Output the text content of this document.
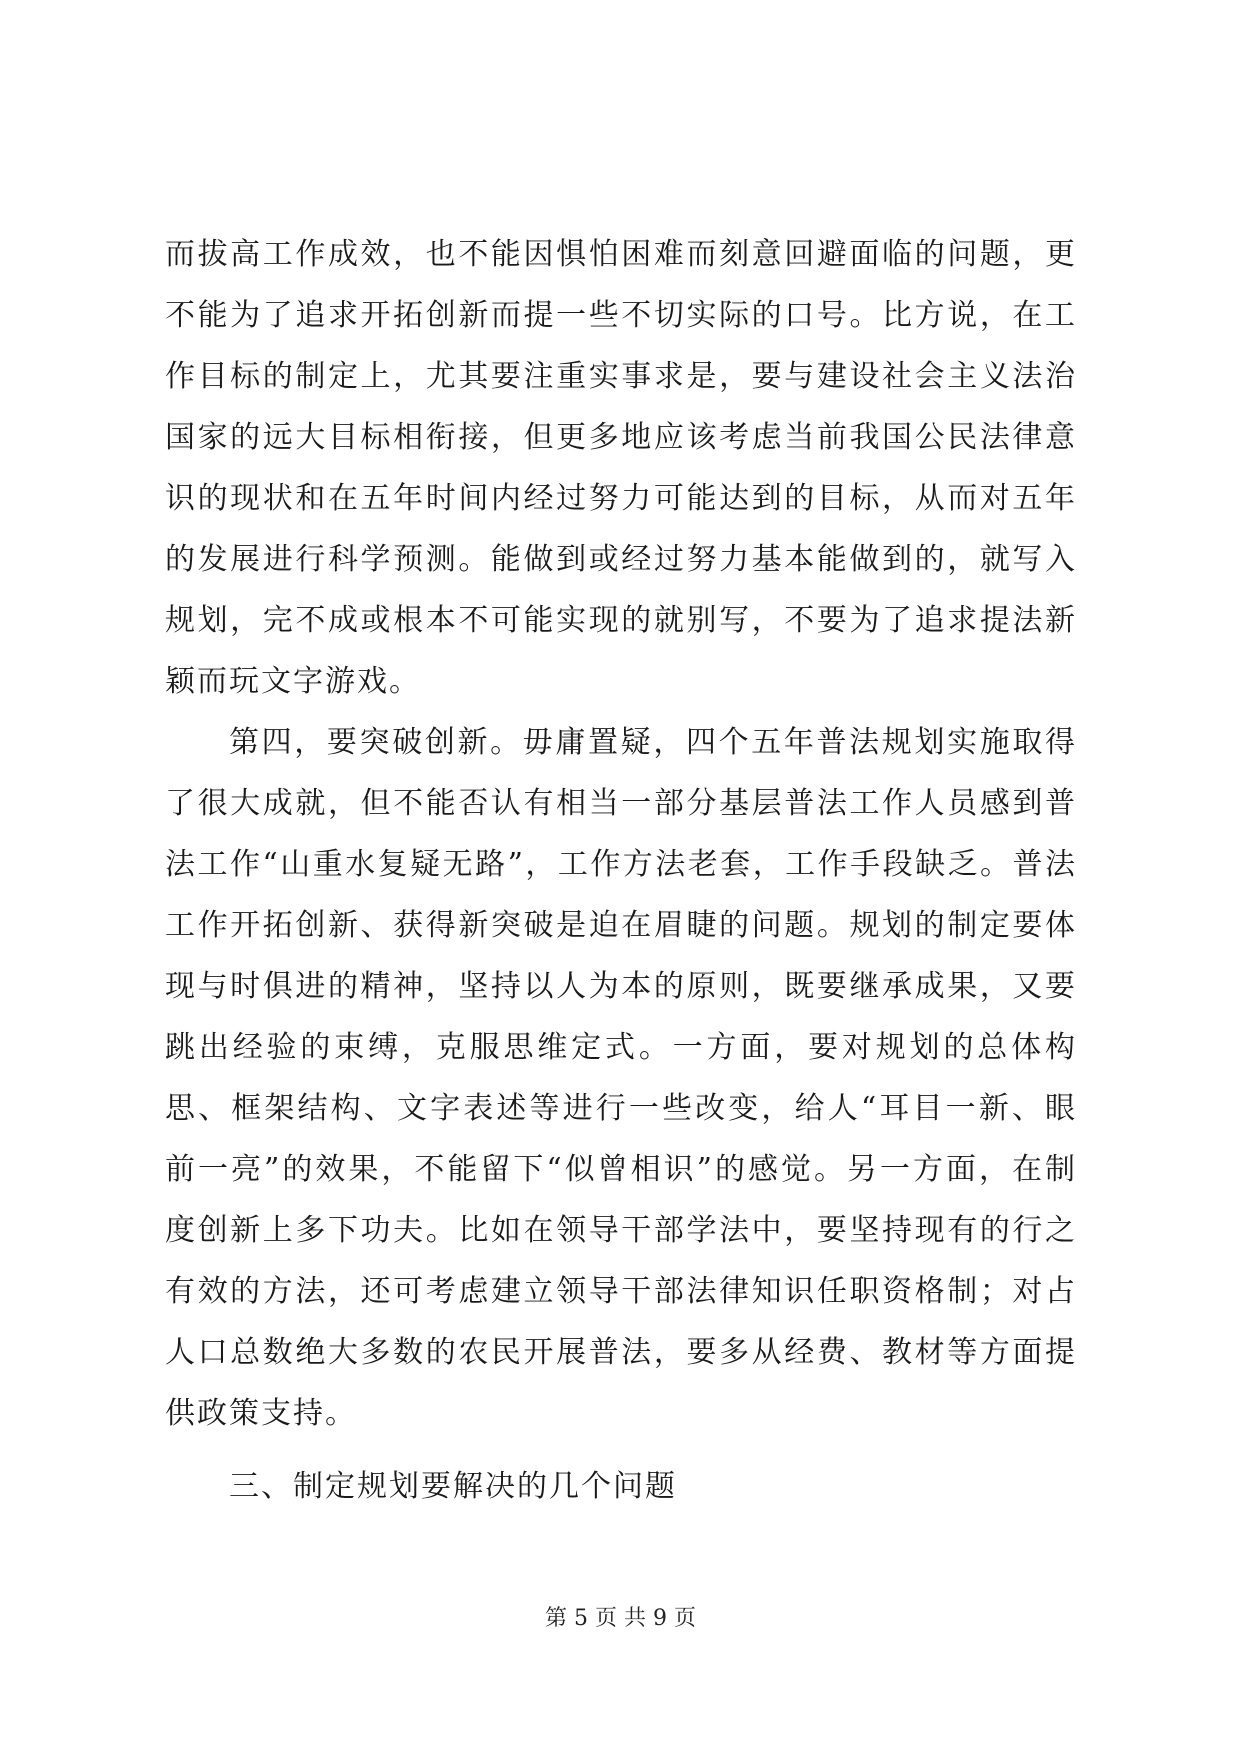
而拔高工作成效，也不能因惧怕困难而刻意回避面临的问题，更不能为了追求开拓创新而提一些不切实际的口号。比方说，在工作目标的制定上，尤其要注重实事求是，要与建设社会主义法治国家的远大目标相衔接，但更多地应该考虑当前我国公民法律意识的现状和在五年时间内经过努力可能达到的目标，从而对五年的发展进行科学预测。能做到或经过努力基本能做到的，就写入规划，完不成或根本不可能实现的就别写，不要为了追求提法新颖而玩文字游戏。

第四，要突破创新。毋庸置疑，四个五年普法规划实施取得了很大成就，但不能否认有相当一部分基层普法工作人员感到普法工作“山重水复疑无路”，工作方法老套，工作手段缺乏。普法工作开拓创新、获得新突破是迫在眉睫的问题。规划的制定要体现与时俱进的精神，坚持以人为本的原则，既要继承成果，又要跳出经验的束缚，克服思维定式。一方面，要对规划的总体构思、框架结构、文字表述等进行一些改变，给人“耳目一新、眼前一亮”的效果，不能留下“似曾相识”的感觉。另一方面，在制度创新上多下功夫。比如在领导干部学法中，要坚持现有的行之有效的方法，还可考虑建立领导干部法律知识任职资格制；对占人口总数绝大多数的农民开展普法，要多从经费、教材等方面提供政策支持。

三、制定规划要解决的几个问题

第 5 页 共 9 页
